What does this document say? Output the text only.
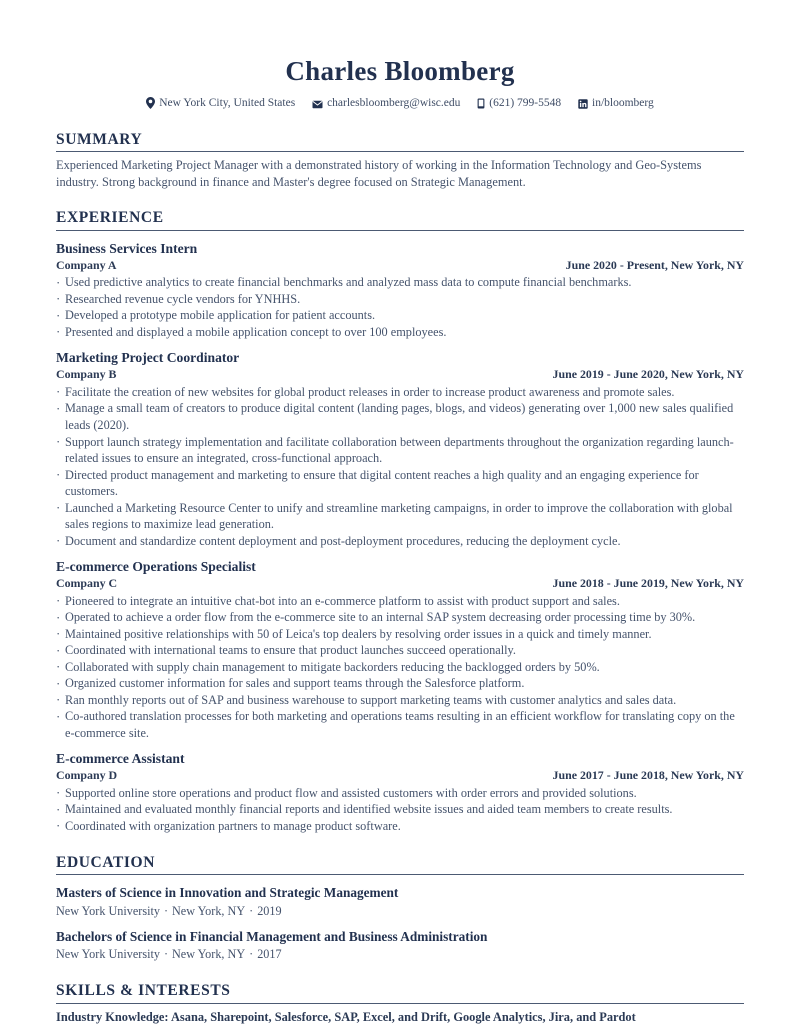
Charles Bloomberg
New York City, United States	charlesbloomberg@wisc.edu	(621) 799-5548	in/bloomberg
SUMMARY
Experienced Marketing Project Manager with a demonstrated history of working in the Information Technology and Geo-Systems industry. Strong background in finance and Master's degree focused on Strategic Management.
EXPERIENCE
Business Services Intern
Company A	June 2020 - Present, New York, NY
· Used predictive analytics to create financial benchmarks and analyzed mass data to compute financial benchmarks.
· Researched revenue cycle vendors for YNHHS.
· Developed a prototype mobile application for patient accounts.
· Presented and displayed a mobile application concept to over 100 employees.
Marketing Project Coordinator
Company B	June 2019 - June 2020, New York, NY
· Facilitate the creation of new websites for global product releases in order to increase product awareness and promote sales.
· Manage a small team of creators to produce digital content (landing pages, blogs, and videos) generating over 1,000 new sales qualified leads (2020).
· Support launch strategy implementation and facilitate collaboration between departments throughout the organization regarding launch-related issues to ensure an integrated, cross-functional approach.
· Directed product management and marketing to ensure that digital content reaches a high quality and an engaging experience for customers.
· Launched a Marketing Resource Center to unify and streamline marketing campaigns, in order to improve the collaboration with global sales regions to maximize lead generation.
· Document and standardize content deployment and post-deployment procedures, reducing the deployment cycle.
E-commerce Operations Specialist
Company C	June 2018 - June 2019, New York, NY
· Pioneered to integrate an intuitive chat-bot into an e-commerce platform to assist with product support and sales.
· Operated to achieve a order flow from the e-commerce site to an internal SAP system decreasing order processing time by 30%.
· Maintained positive relationships with 50 of Leica's top dealers by resolving order issues in a quick and timely manner.
· Coordinated with international teams to ensure that product launches succeed operationally.
· Collaborated with supply chain management to mitigate backorders reducing the backlogged orders by 50%.
· Organized customer information for sales and support teams through the Salesforce platform.
· Ran monthly reports out of SAP and business warehouse to support marketing teams with customer analytics and sales data.
· Co-authored translation processes for both marketing and operations teams resulting in an efficient workflow for translating copy on the e-commerce site.
E-commerce Assistant
Company D	June 2017 - June 2018, New York, NY
· Supported online store operations and product flow and assisted customers with order errors and provided solutions.
· Maintained and evaluated monthly financial reports and identified website issues and aided team members to create results.
· Coordinated with organization partners to manage product software.
EDUCATION
Masters of Science in Innovation and Strategic Management
New York University · New York, NY · 2019
Bachelors of Science in Financial Management and Business Administration
New York University · New York, NY · 2017
SKILLS & INTERESTS
Industry Knowledge: Asana, Sharepoint, Salesforce, SAP, Excel, and Drift, Google Analytics, Jira, and Pardot
